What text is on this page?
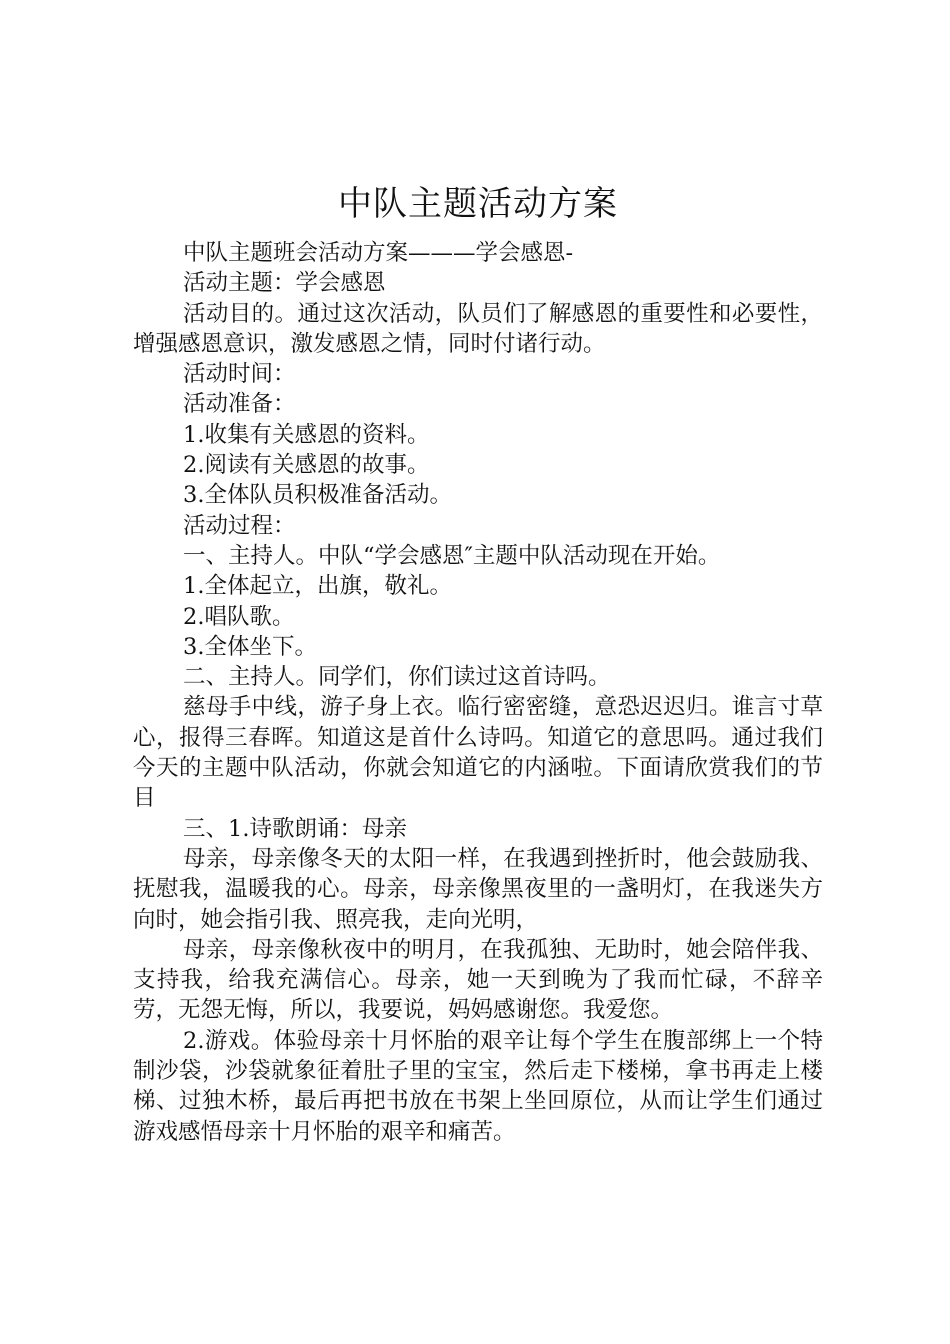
中队主题活动方案

中队主题班会活动方案———学会感恩-

活动主题：学会感恩

活动目的。通过这次活动，队员们了解感恩的重要性和必要性，增强感恩意识，激发感恩之情，同时付诸行动。

活动时间：

活动准备：

1.收集有关感恩的资料。

2.阅读有关感恩的故事。

3.全体队员积极准备活动。

活动过程：

一、主持人。中队“学会感恩″主题中队活动现在开始。

1.全体起立，出旗，敬礼。

2.唱队歌。

3.全体坐下。

二、主持人。同学们，你们读过这首诗吗。

慈母手中线，游子身上衣。临行密密缝，意恐迟迟归。谁言寸草心，报得三春晖。知道这是首什么诗吗。知道它的意思吗。通过我们今天的主题中队活动，你就会知道它的内涵啦。下面请欣赏我们的节目

三、1.诗歌朗诵：母亲

母亲，母亲像冬天的太阳一样，在我遇到挫折时，他会鼓励我、抚慰我，温暖我的心。母亲，母亲像黑夜里的一盏明灯，在我迷失方向时，她会指引我、照亮我，走向光明，

母亲，母亲像秋夜中的明月，在我孤独、无助时，她会陪伴我、支持我，给我充满信心。母亲，她一天到晚为了我而忙碌，不辞辛劳，无怨无悔，所以，我要说，妈妈感谢您。我爱您。

2.游戏。体验母亲十月怀胎的艰辛让每个学生在腹部绑上一个特制沙袋，沙袋就象征着肚子里的宝宝，然后走下楼梯，拿书再走上楼梯、过独木桥，最后再把书放在书架上坐回原位，从而让学生们通过游戏感悟母亲十月怀胎的艰辛和痛苦。
